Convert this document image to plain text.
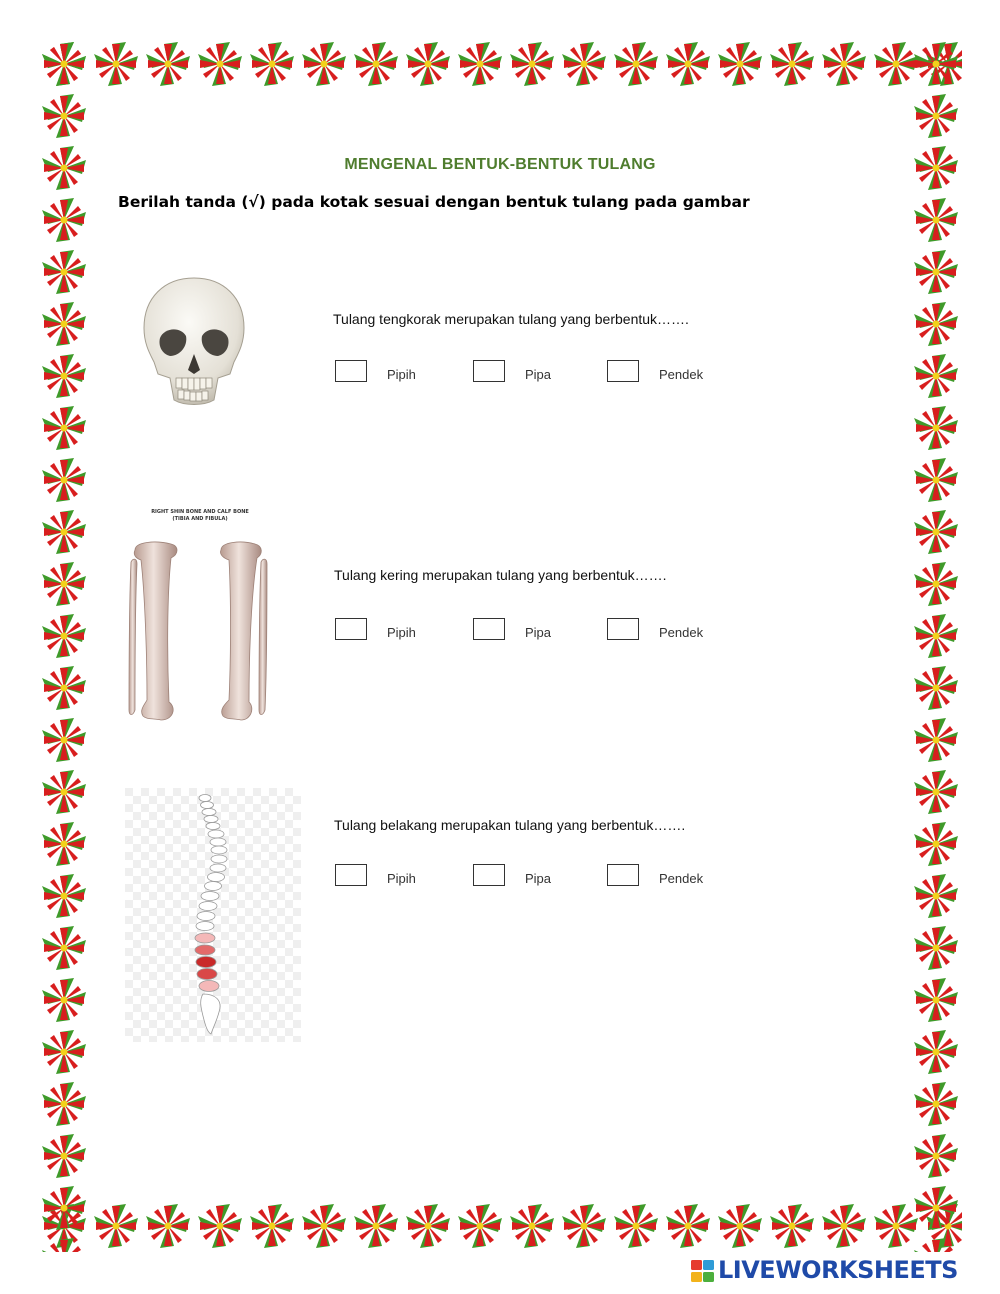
MENGENAL BENTUK-BENTUK TULANG
Berilah tanda (√) pada kotak sesuai dengan bentuk tulang pada gambar
Tulang tengkorak merupakan tulang yang berbentuk…….
Pipih	Pipa	Pendek
RIGHT SHIN BONE AND CALF BONE
(TIBIA AND FIBULA)
Tulang kering merupakan tulang yang berbentuk…….
Pipih	Pipa	Pendek
Tulang belakang merupakan tulang yang berbentuk…….
Pipih	Pipa	Pendek
LIVEWORKSHEETS
